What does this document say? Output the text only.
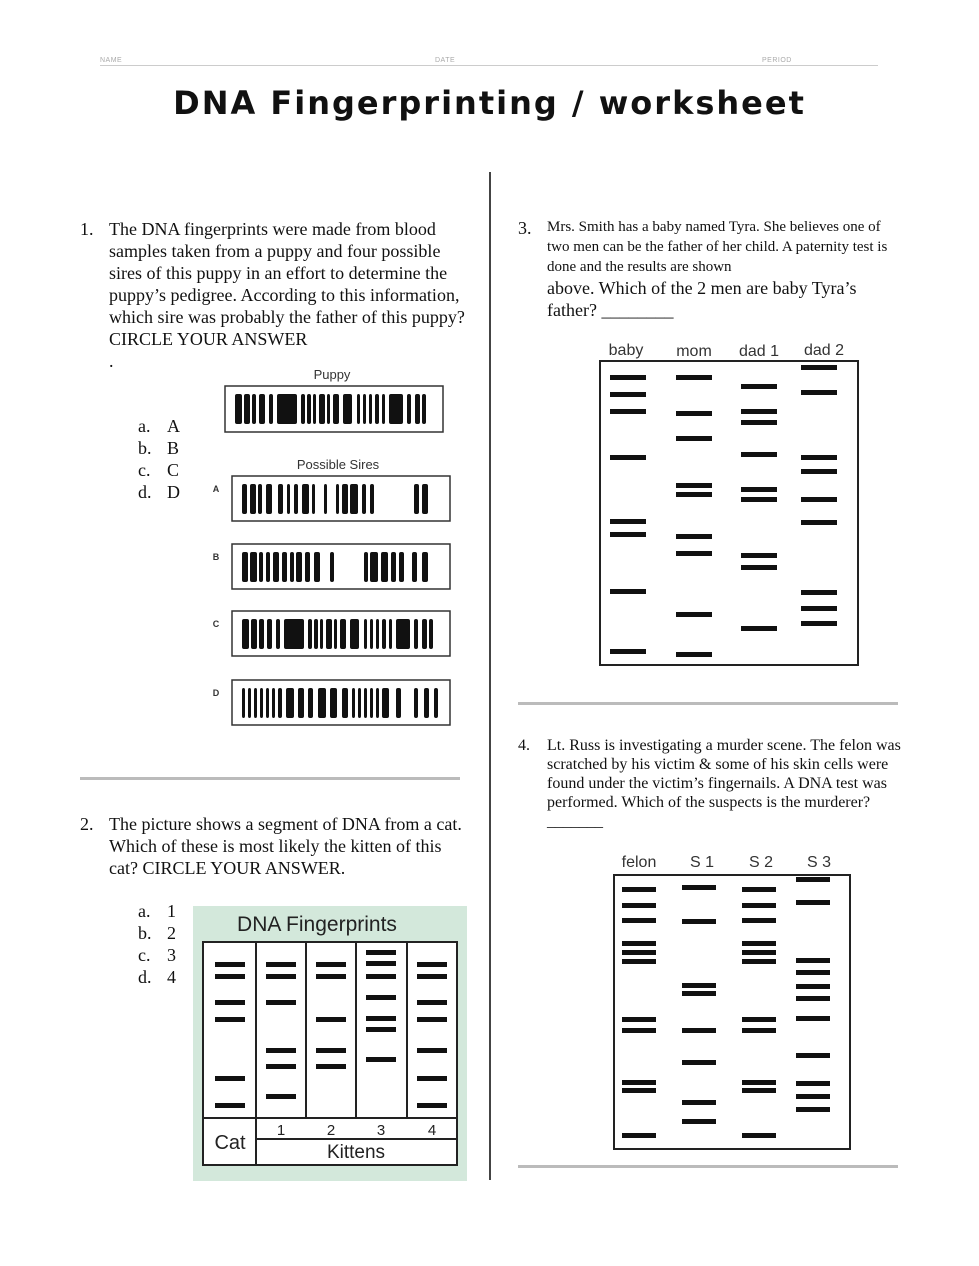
NAME	DATE	PERIOD
DNA Fingerprinting / worksheet
1. The DNA fingerprints were made from blood samples taken from a puppy and four possible sires of this puppy in an effort to determine the puppy’s pedigree. According to this information, which sire was probably the father of this puppy? CIRCLE YOUR ANSWER
.
a. A
b. B
c. C
d. D
Puppy
Possible Sires
A
B
C
D
2. The picture shows a segment of DNA from a cat. Which of these is most likely the kitten of this cat? CIRCLE YOUR ANSWER.
a. 1
b. 2
c. 3
d. 4
DNA Fingerprints
Cat
1	2	3	4
Kittens
3. Mrs. Smith has a baby named Tyra. She believes one of two men can be the father of her child. A paternity test is done and the results are shown
above. Which of the 2 men are baby Tyra’s father? ________
baby mom dad 1 dad 2
4. Lt. Russ is investigating a murder scene. The felon was scratched by his victim & some of his skin cells were found under the victim’s fingernails. A DNA test was performed. Which of the suspects is the murderer? _______
felon S 1 S 2 S 3
